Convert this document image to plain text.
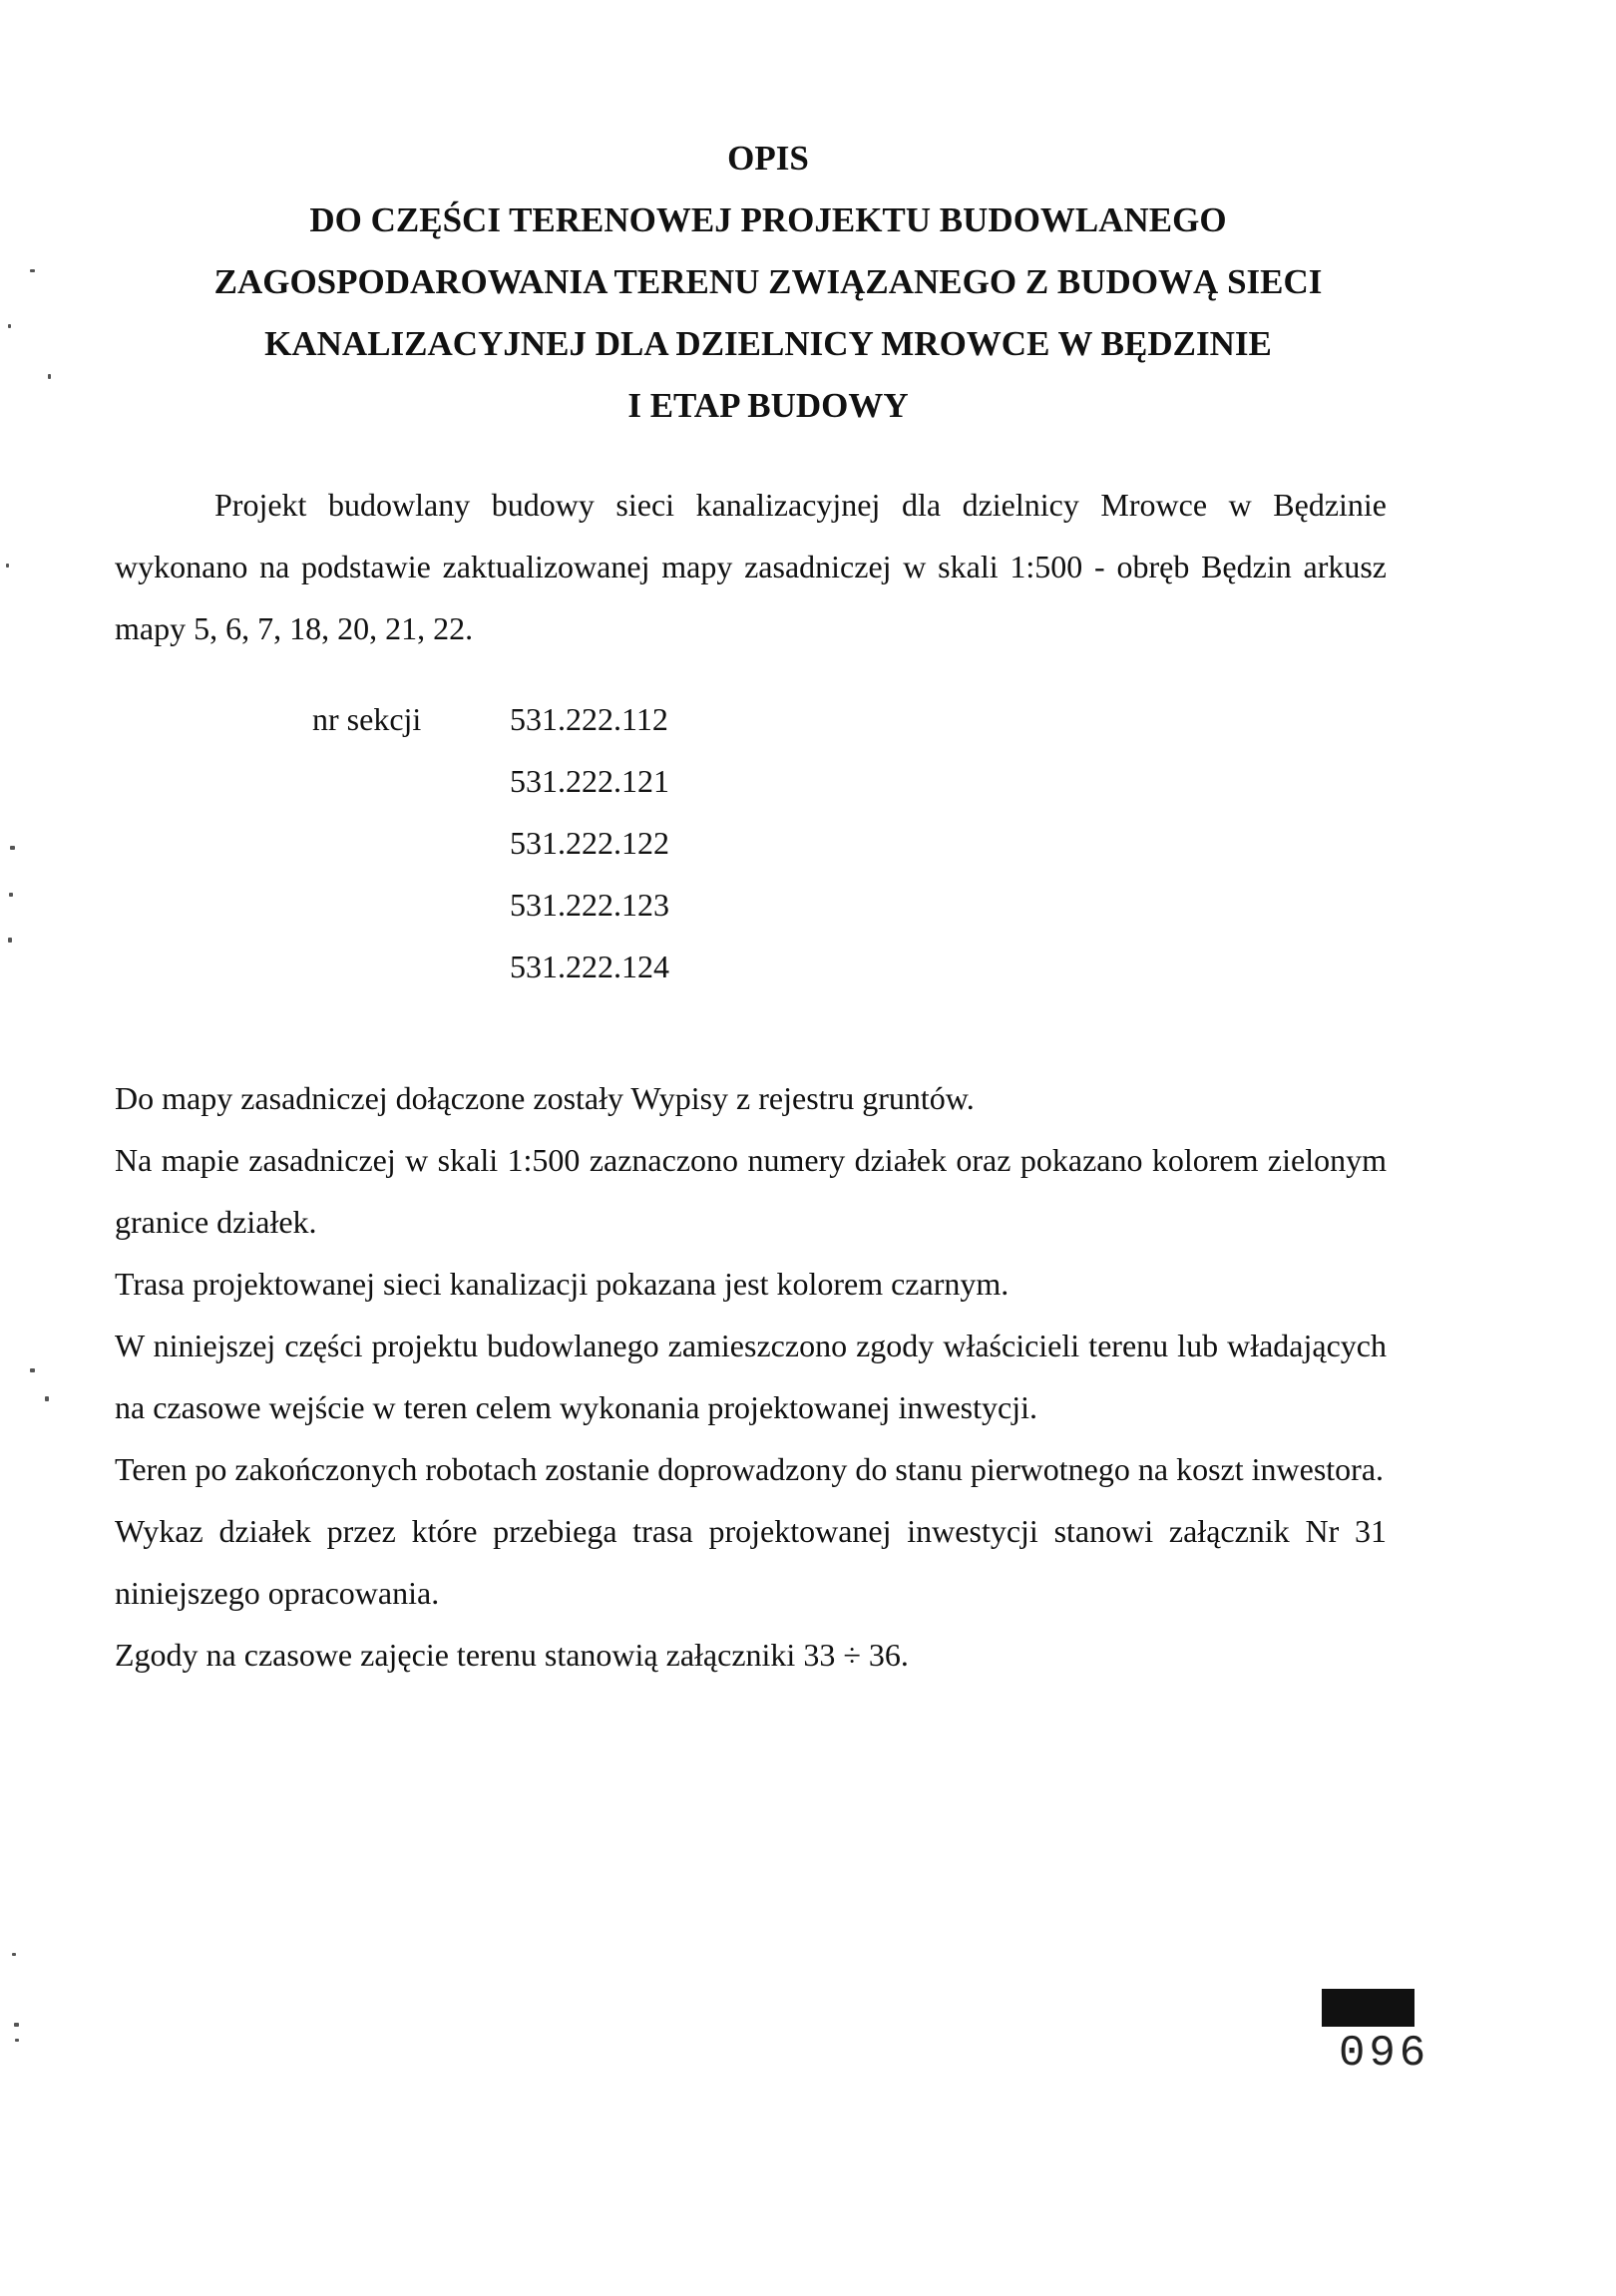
OPIS
DO CZĘŚCI TERENOWEJ PROJEKTU BUDOWLANEGO
ZAGOSPODAROWANIA TERENU ZWIĄZANEGO Z BUDOWĄ SIECI
KANALIZACYJNEJ DLA DZIELNICY MROWCE W BĘDZINIE
I ETAP BUDOWY

Projekt budowlany budowy sieci kanalizacyjnej dla dzielnicy Mrowce w Będzinie wykonano na podstawie zaktualizowanej mapy zasadniczej w skali 1:500 - obręb Będzin arkusz mapy 5, 6, 7, 18, 20, 21, 22.

nr sekcji	531.222.112
531.222.121
531.222.122
531.222.123
531.222.124

Do mapy zasadniczej dołączone zostały Wypisy z rejestru gruntów.

Na mapie zasadniczej w skali 1:500 zaznaczono numery działek oraz pokazano kolorem zielonym granice działek.

Trasa projektowanej sieci kanalizacji pokazana jest kolorem czarnym.

W niniejszej części projektu budowlanego zamieszczono zgody właścicieli terenu lub władających na czasowe wejście w teren celem wykonania projektowanej inwestycji.

Teren po zakończonych robotach zostanie doprowadzony do stanu pierwotnego na koszt inwestora.

Wykaz działek przez które przebiega trasa projektowanej inwestycji stanowi załącznik Nr 31 niniejszego opracowania.

Zgody na czasowe zajęcie terenu stanowią załączniki 33 ÷ 36.

096
